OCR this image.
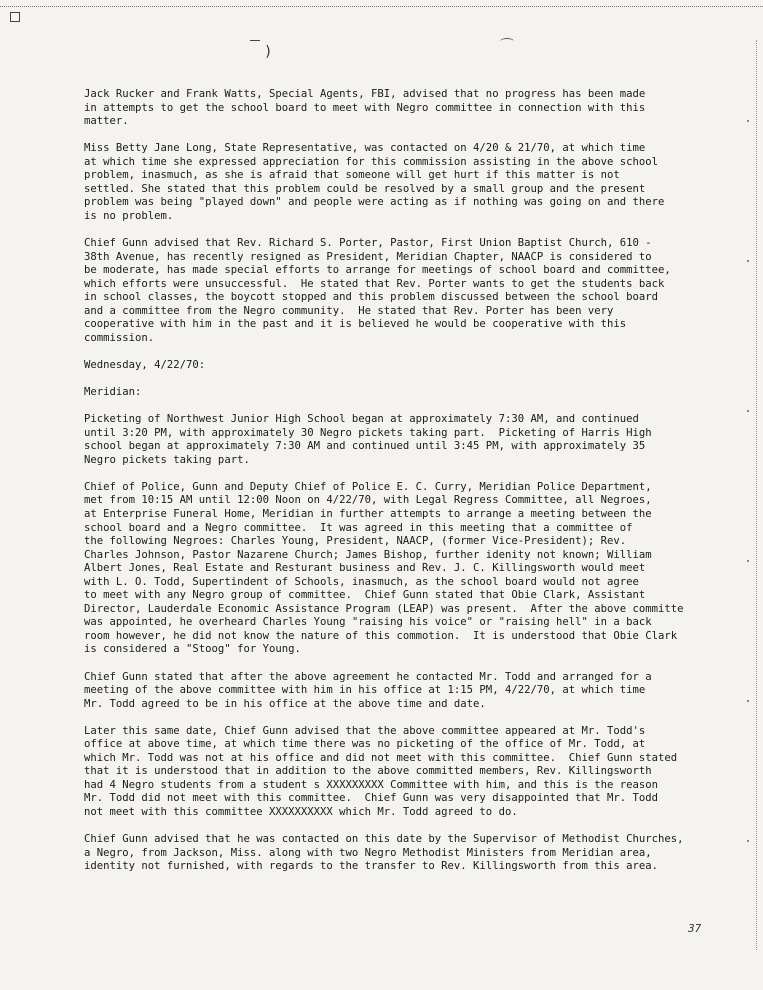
)
Jack Rucker and Frank Watts, Special Agents, FBI, advised that no progress has been made
in attempts to get the school board to meet with Negro committee in connection with this
matter.
Miss Betty Jane Long, State Representative, was contacted on 4/20 & 21/70, at which time
at which time she expressed appreciation for this commission assisting in the above school
problem, inasmuch, as she is afraid that someone will get hurt if this matter is not
settled. She stated that this problem could be resolved by a small group and the present
problem was being "played down" and people were acting as if nothing was going on and there
is no problem.
Chief Gunn advised that Rev. Richard S. Porter, Pastor, First Union Baptist Church, 610 -
38th Avenue, has recently resigned as President, Meridian Chapter, NAACP is considered to
be moderate, has made special efforts to arrange for meetings of school board and committee,
which efforts were unsuccessful.  He stated that Rev. Porter wants to get the students back
in school classes, the boycott stopped and this problem discussed between the school board
and a committee from the Negro community.  He stated that Rev. Porter has been very
cooperative with him in the past and it is believed he would be cooperative with this
commission.
Wednesday, 4/22/70:
Meridian:
Picketing of Northwest Junior High School began at approximately 7:30 AM, and continued
until 3:20 PM, with approximately 30 Negro pickets taking part.  Picketing of Harris High
school began at approximately 7:30 AM and continued until 3:45 PM, with approximately 35
Negro pickets taking part.
Chief of Police, Gunn and Deputy Chief of Police E. C. Curry, Meridian Police Department,
met from 10:15 AM until 12:00 Noon on 4/22/70, with Legal Regress Committee, all Negroes,
at Enterprise Funeral Home, Meridian in further attempts to arrange a meeting between the
school board and a Negro committee.  It was agreed in this meeting that a committee of
the following Negroes: Charles Young, President, NAACP, (former Vice-President); Rev.
Charles Johnson, Pastor Nazarene Church; James Bishop, further idenity not known; William
Albert Jones, Real Estate and Resturant business and Rev. J. C. Killingsworth would meet
with L. O. Todd, Supertindent of Schools, inasmuch, as the school board would not agree
to meet with any Negro group of committee.  Chief Gunn stated that Obie Clark, Assistant
Director, Lauderdale Economic Assistance Program (LEAP) was present.  After the above committe
was appointed, he overheard Charles Young "raising his voice" or "raising hell" in a back
room however, he did not know the nature of this commotion.  It is understood that Obie Clark
is considered a "Stoog" for Young.
Chief Gunn stated that after the above agreement he contacted Mr. Todd and arranged for a
meeting of the above committee with him in his office at 1:15 PM, 4/22/70, at which time
Mr. Todd agreed to be in his office at the above time and date.
Later this same date, Chief Gunn advised that the above committee appeared at Mr. Todd's
office at above time, at which time there was no picketing of the office of Mr. Todd, at
which Mr. Todd was not at his office and did not meet with this committee.  Chief Gunn stated
that it is understood that in addition to the above committed members, Rev. Killingsworth
had 4 Negro students from a student s XXXXXXXXX Committee with him, and this is the reason
Mr. Todd did not meet with this committee.  Chief Gunn was very disappointed that Mr. Todd
not meet with this committee XXXXXXXXXX which Mr. Todd agreed to do.
Chief Gunn advised that he was contacted on this date by the Supervisor of Methodist Churches,
a Negro, from Jackson, Miss. along with two Negro Methodist Ministers from Meridian area,
identity not furnished, with regards to the transfer to Rev. Killingsworth from this area.
37
